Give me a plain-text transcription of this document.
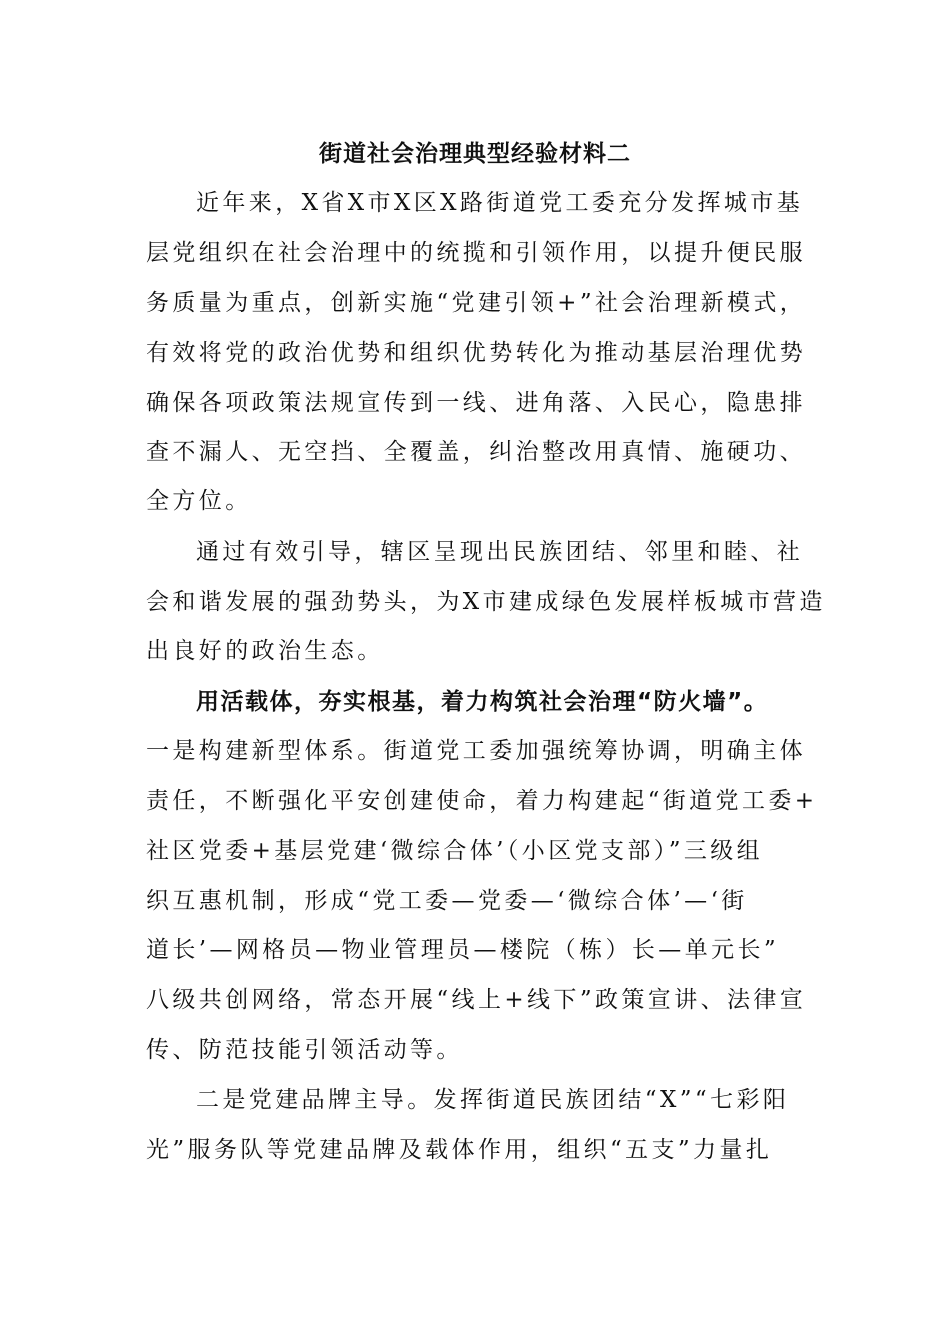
街道社会治理典型经验材料二
近年来，X省X市X区X路街道党工委充分发挥城市基
层党组织在社会治理中的统揽和引领作用，以提升便民服
务质量为重点，创新实施“党建引领+”社会治理新模式，
有效将党的政治优势和组织优势转化为推动基层治理优势
确保各项政策法规宣传到一线、进角落、入民心，隐患排
查不漏人、无空挡、全覆盖，纠治整改用真情、施硬功、
全方位。
通过有效引导，辖区呈现出民族团结、邻里和睦、社
会和谐发展的强劲势头，为X市建成绿色发展样板城市营造
出良好的政治生态。
用活载体，夯实根基，着力构筑社会治理“防火墙”。
一是构建新型体系。街道党工委加强统筹协调，明确主体
责任，不断强化平安创建使命，着力构建起“街道党工委+
社区党委+基层党建‘微综合体’（小区党支部）”三级组
织互惠机制，形成“党工委—党委—‘微综合体’—‘街
道长’—网格员—物业管理员—楼院（栋）长—单元长”
八级共创网络，常态开展“线上+线下”政策宣讲、法律宣
传、防范技能引领活动等。
二是党建品牌主导。发挥街道民族团结“X”“七彩阳
光”服务队等党建品牌及载体作用，组织“五支”力量扎
